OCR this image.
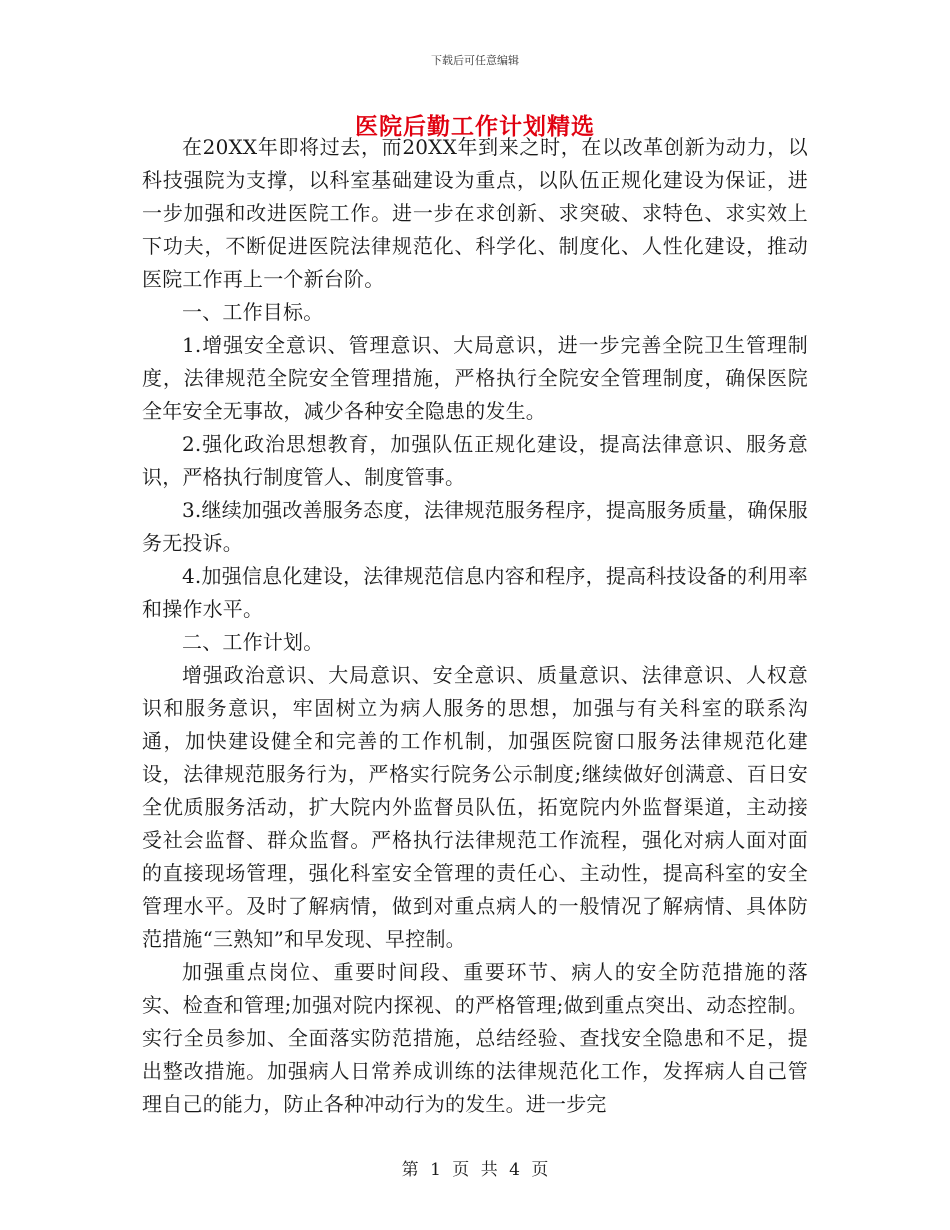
下载后可任意编辑
医院后勤工作计划精选

在20XX年即将过去，而20XX年到来之时，在以改革创新为动力，以科技强院为支撑，以科室基础建设为重点，以队伍正规化建设为保证，进一步加强和改进医院工作。进一步在求创新、求突破、求特色、求实效上下功夫，不断促进医院法律规范化、科学化、制度化、人性化建设，推动医院工作再上一个新台阶。

一、工作目标。

1.增强安全意识、管理意识、大局意识，进一步完善全院卫生管理制度，法律规范全院安全管理措施，严格执行全院安全管理制度，确保医院全年安全无事故，减少各种安全隐患的发生。

2.强化政治思想教育，加强队伍正规化建设，提高法律意识、服务意识，严格执行制度管人、制度管事。

3.继续加强改善服务态度，法律规范服务程序，提高服务质量，确保服务无投诉。

4.加强信息化建设，法律规范信息内容和程序，提高科技设备的利用率和操作水平。

二、工作计划。

增强政治意识、大局意识、安全意识、质量意识、法律意识、人权意识和服务意识，牢固树立为病人服务的思想，加强与有关科室的联系沟通，加快建设健全和完善的工作机制，加强医院窗口服务法律规范化建设，法律规范服务行为，严格实行院务公示制度;继续做好创满意、百日安全优质服务活动，扩大院内外监督员队伍，拓宽院内外监督渠道，主动接受社会监督、群众监督。严格执行法律规范工作流程，强化对病人面对面的直接现场管理，强化科室安全管理的责任心、主动性，提高科室的安全管理水平。及时了解病情，做到对重点病人的一般情况了解病情、具体防范措施“三熟知”和早发现、早控制。

加强重点岗位、重要时间段、重要环节、病人的安全防范措施的落实、检查和管理;加强对院内探视、的严格管理;做到重点突出、动态控制。实行全员参加、全面落实防范措施，总结经验、查找安全隐患和不足，提出整改措施。加强病人日常养成训练的法律规范化工作，发挥病人自己管理自己的能力，防止各种冲动行为的发生。进一步完

第 1 页 共 4 页
